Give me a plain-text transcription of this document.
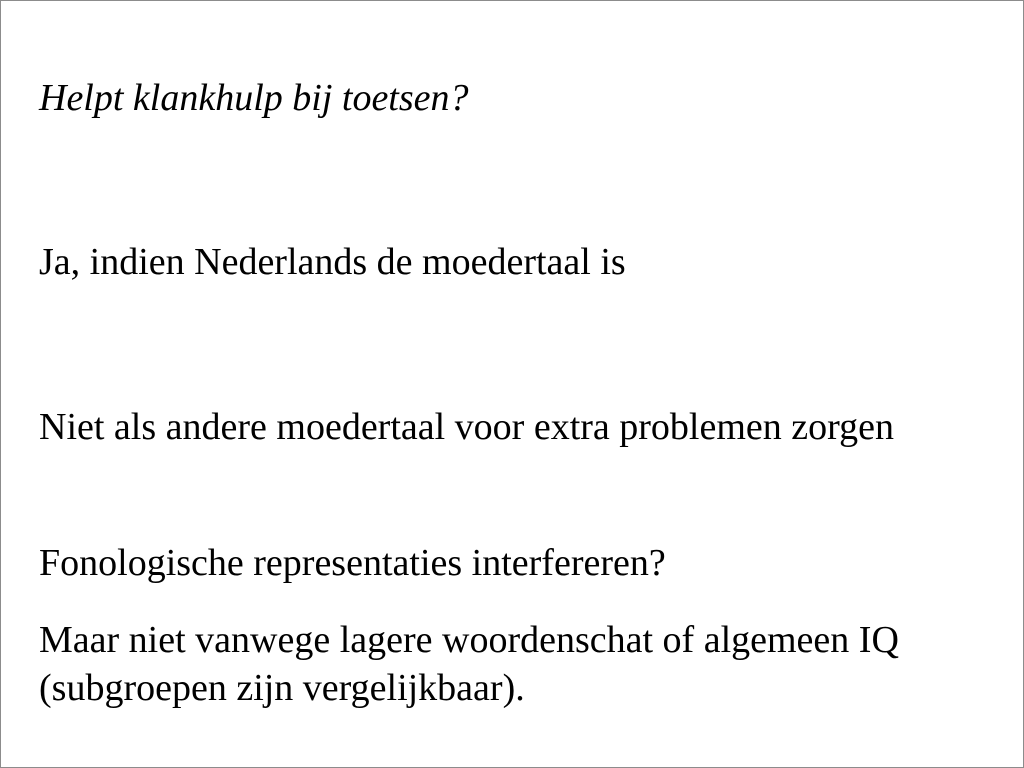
Helpt klankhulp bij toetsen?

Ja, indien Nederlands de moedertaal is

Niet als andere moedertaal voor extra problemen zorgen

Fonologische representaties interfereren?

Maar niet vanwege lagere woordenschat of algemeen IQ (subgroepen zijn vergelijkbaar).
